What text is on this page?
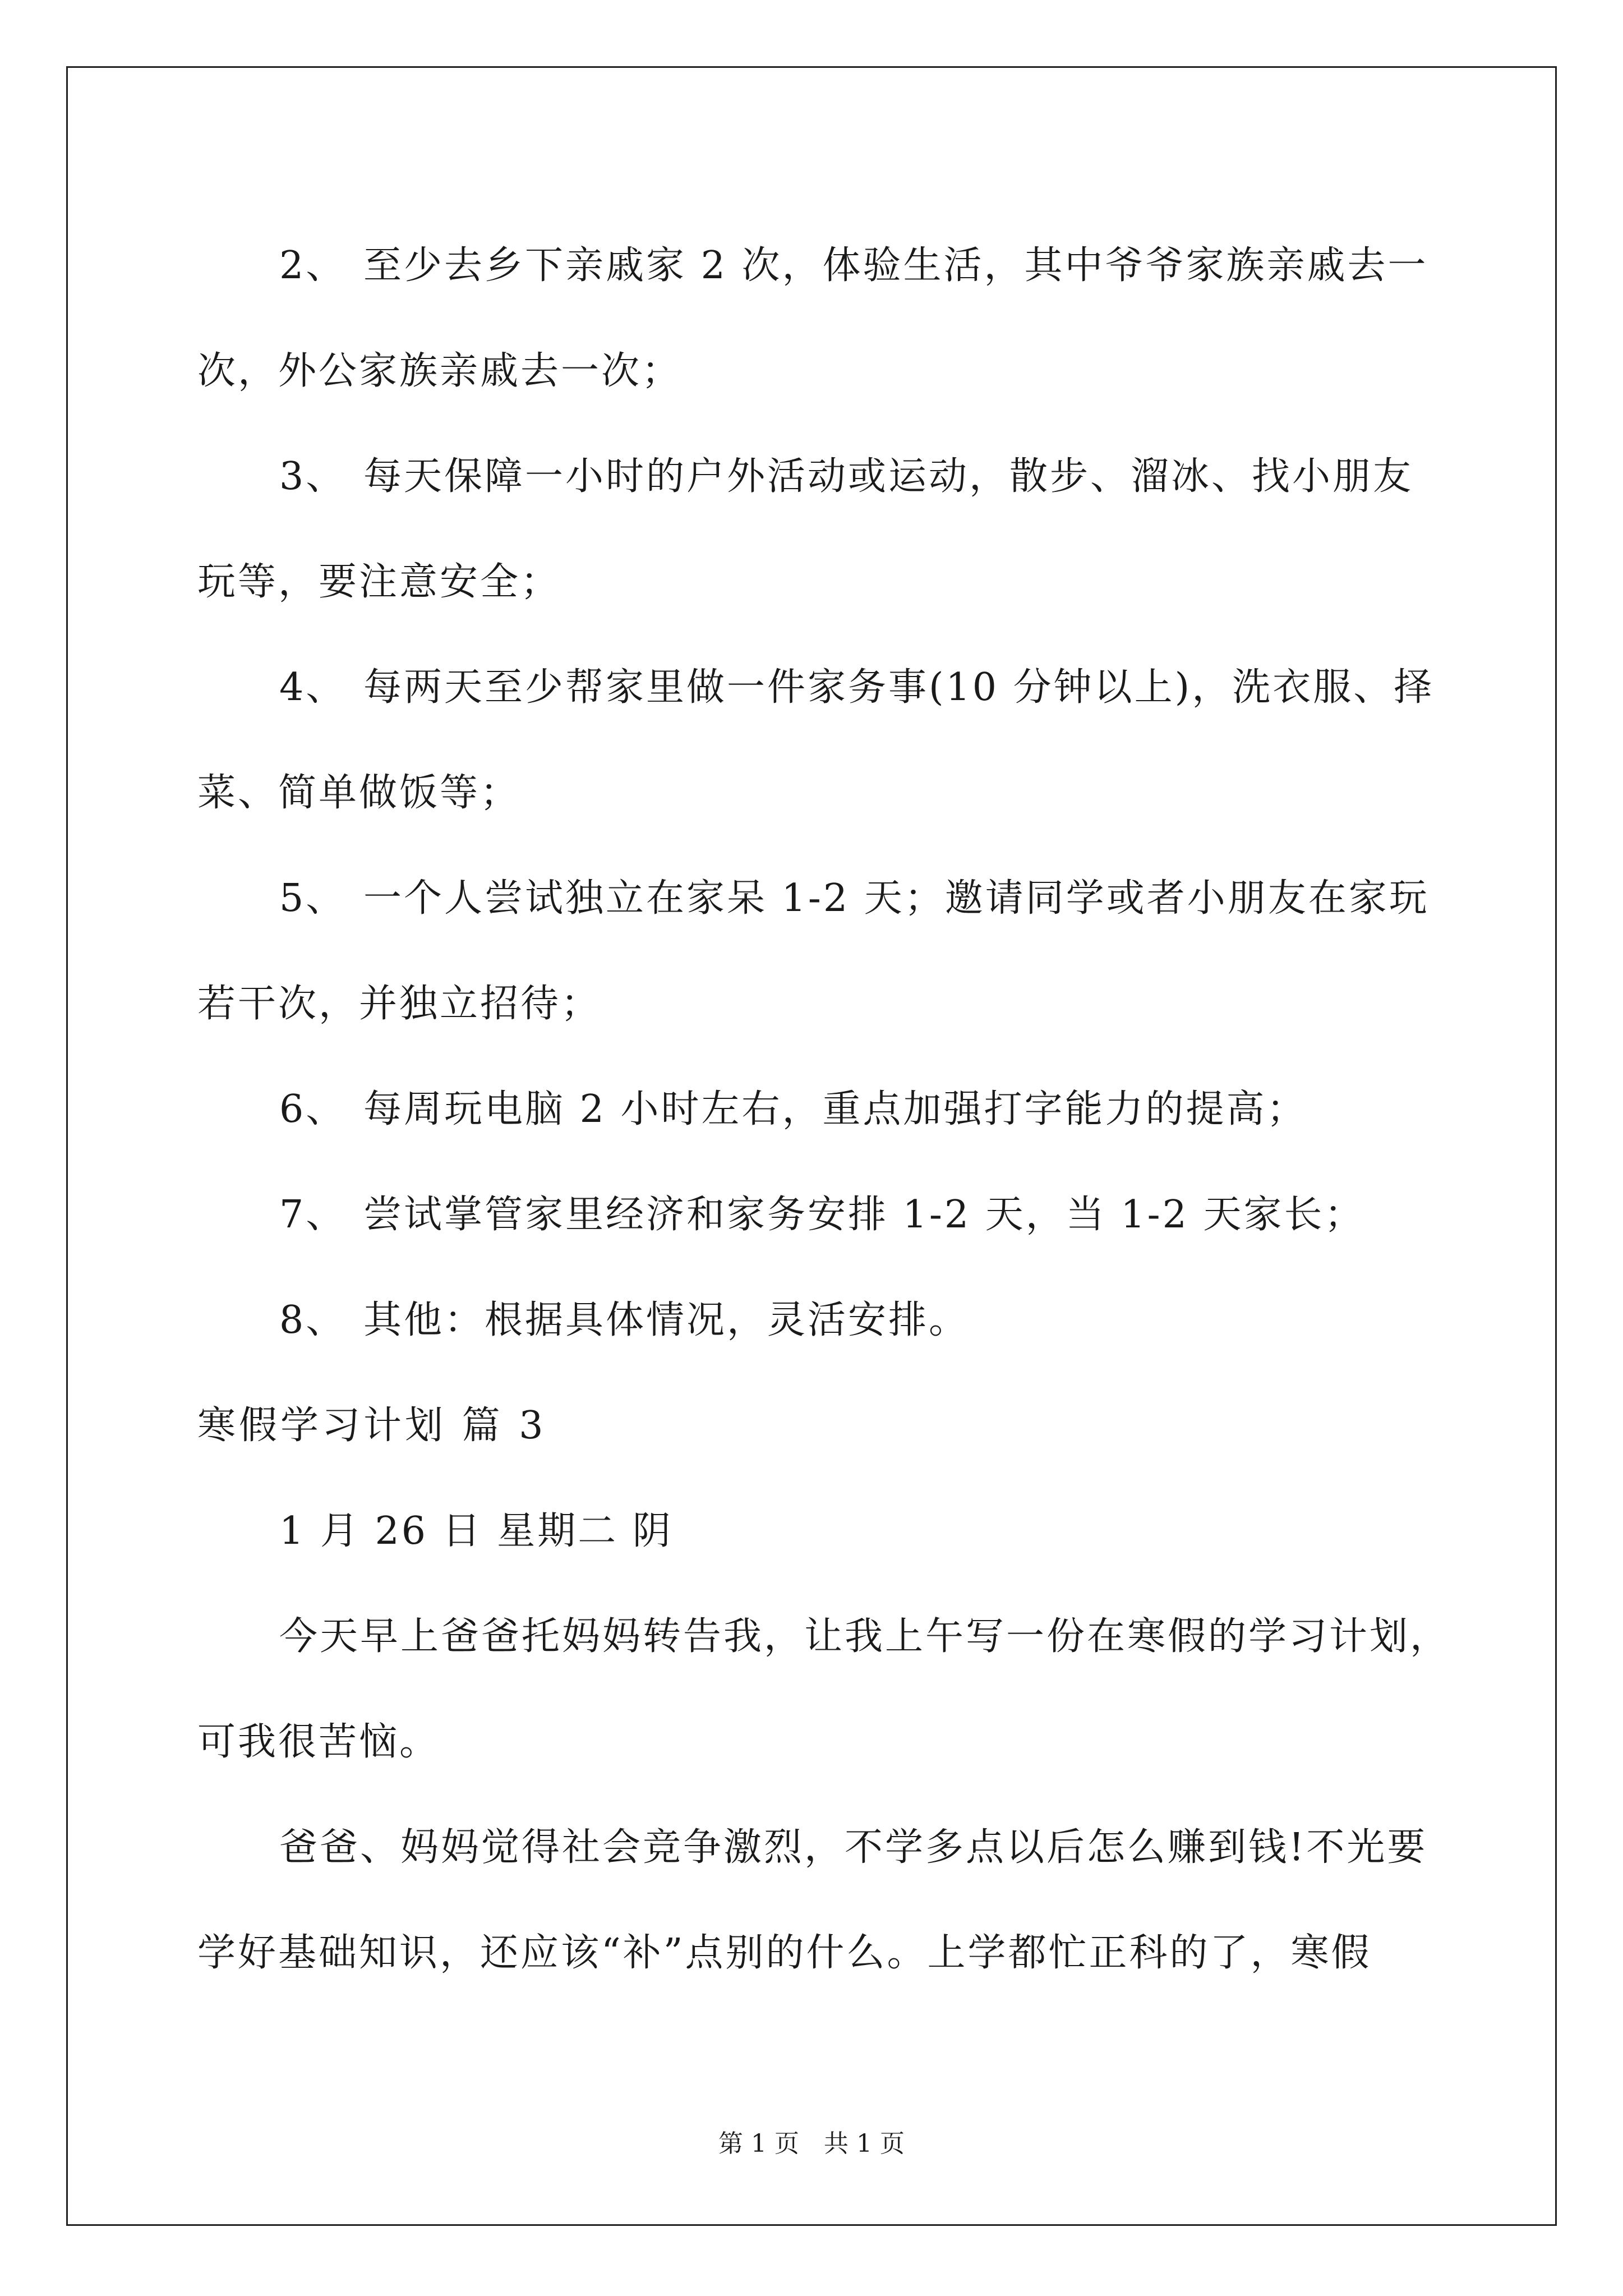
2、 至少去乡下亲戚家 2 次，体验生活，其中爷爷家族亲戚去一
次，外公家族亲戚去一次；
3、 每天保障一小时的户外活动或运动，散步、溜冰、找小朋友
玩等，要注意安全；
4、 每两天至少帮家里做一件家务事(10 分钟以上)，洗衣服、择
菜、简单做饭等；
5、 一个人尝试独立在家呆 1-2 天；邀请同学或者小朋友在家玩
若干次，并独立招待；
6、 每周玩电脑 2 小时左右，重点加强打字能力的提高；
7、 尝试掌管家里经济和家务安排 1-2 天，当 1-2 天家长；
8、 其他：根据具体情况，灵活安排。
寒假学习计划 篇 3
1 月 26 日 星期二 阴
今天早上爸爸托妈妈转告我，让我上午写一份在寒假的学习计划，
可我很苦恼。
爸爸、妈妈觉得社会竞争激烈，不学多点以后怎么赚到钱!不光要
学好基础知识，还应该“补”点别的什么。上学都忙正科的了，寒假
第 1 页 共 1 页
